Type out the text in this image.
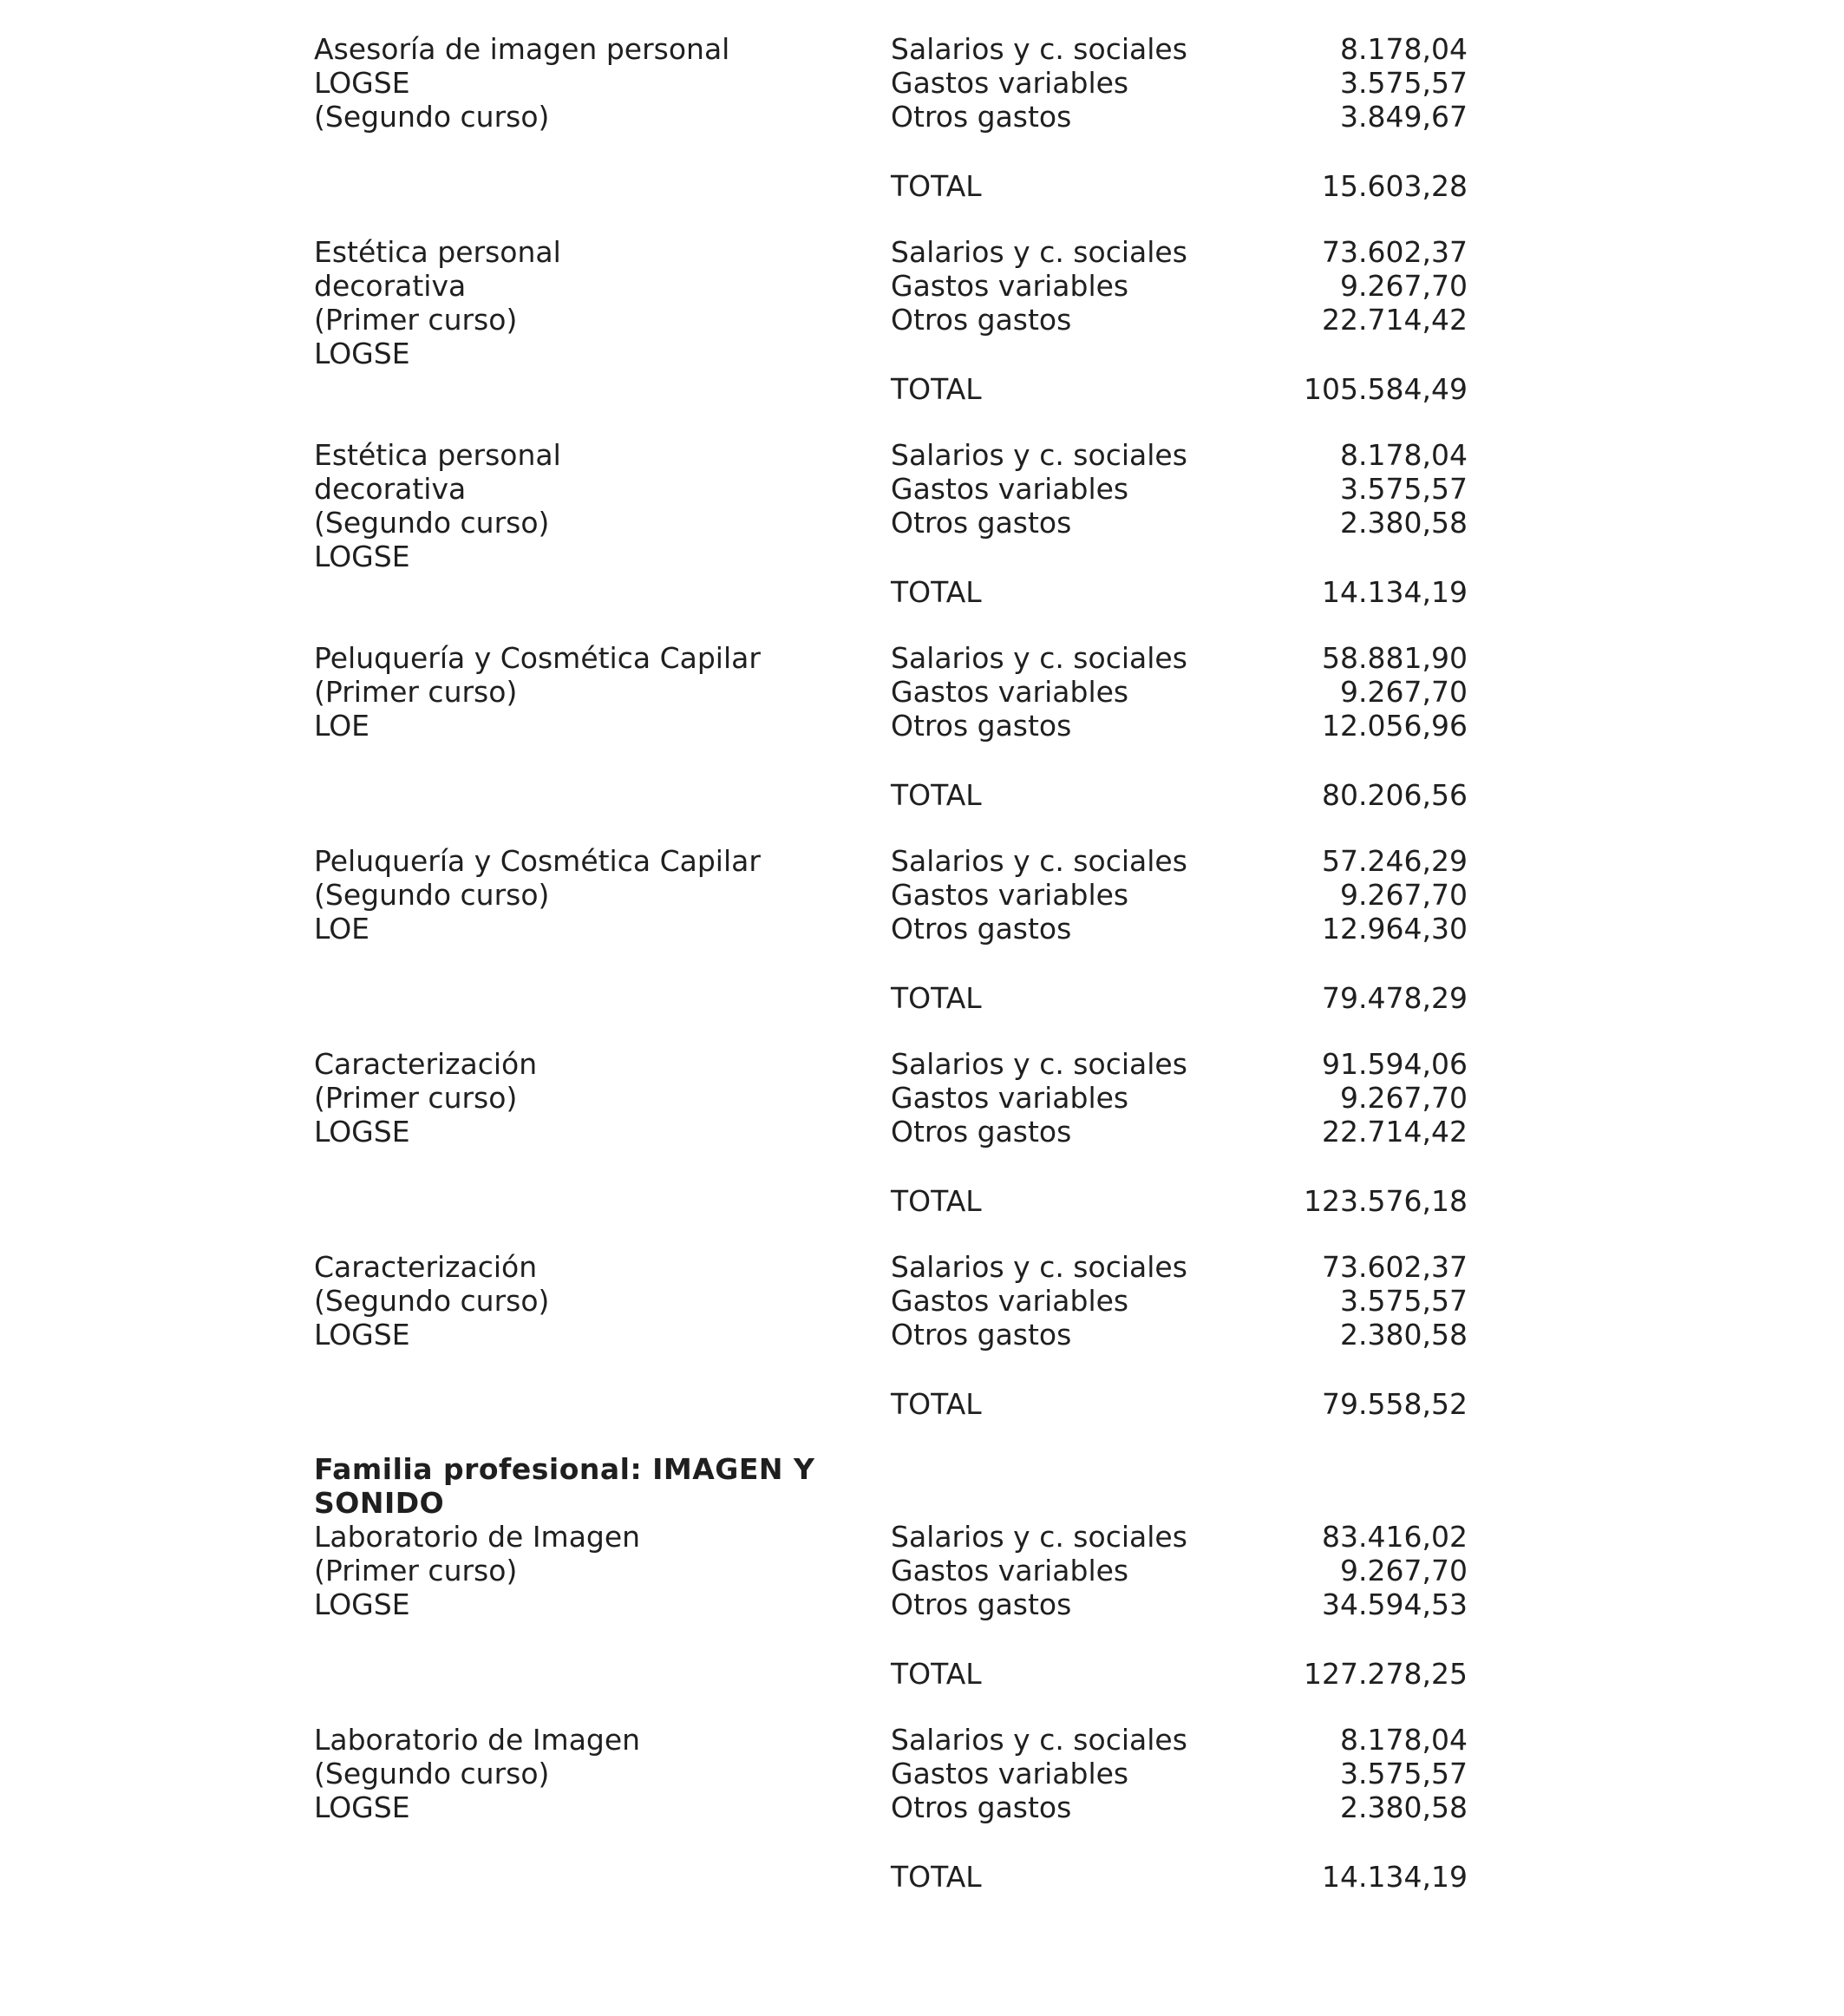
Asesoría de imagen personal
LOGSE
(Segundo curso)
Salarios y c. sociales	8.178,04
Gastos variables	3.575,57
Otros gastos	3.849,67
TOTAL	15.603,28
Estética personal
decorativa
(Primer curso)
LOGSE
Salarios y c. sociales	73.602,37
Gastos variables	9.267,70
Otros gastos	22.714,42
TOTAL	105.584,49
Estética personal
decorativa
(Segundo curso)
LOGSE
Salarios y c. sociales	8.178,04
Gastos variables	3.575,57
Otros gastos	2.380,58
TOTAL	14.134,19
Peluquería y Cosmética Capilar
(Primer curso)
LOE
Salarios y c. sociales	58.881,90
Gastos variables	9.267,70
Otros gastos	12.056,96
TOTAL	80.206,56
Peluquería y Cosmética Capilar
(Segundo curso)
LOE
Salarios y c. sociales	57.246,29
Gastos variables	9.267,70
Otros gastos	12.964,30
TOTAL	79.478,29
Caracterización
(Primer curso)
LOGSE
Salarios y c. sociales	91.594,06
Gastos variables	9.267,70
Otros gastos	22.714,42
TOTAL	123.576,18
Caracterización
(Segundo curso)
LOGSE
Salarios y c. sociales	73.602,37
Gastos variables	3.575,57
Otros gastos	2.380,58
TOTAL	79.558,52
Familia profesional: IMAGEN Y
SONIDO
Laboratorio de Imagen
(Primer curso)
LOGSE
Salarios y c. sociales	83.416,02
Gastos variables	9.267,70
Otros gastos	34.594,53
TOTAL	127.278,25
Laboratorio de Imagen
(Segundo curso)
LOGSE
Salarios y c. sociales	8.178,04
Gastos variables	3.575,57
Otros gastos	2.380,58
TOTAL	14.134,19
